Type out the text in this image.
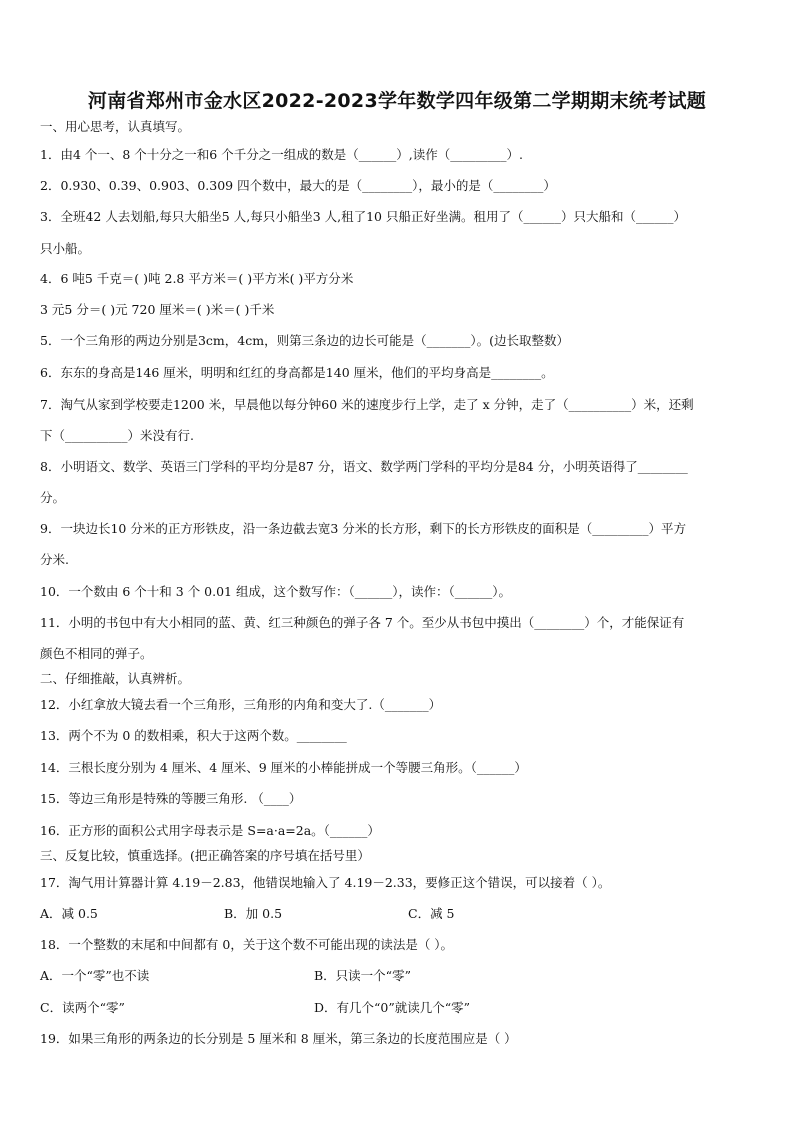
河南省郑州市金水区2022-2023学年数学四年级第二学期期末统考试题

一、用心思考，认真填写。

1．由4 个一、8 个十分之一和6 个千分之一组成的数是（______）,读作（_________）.

2．0.930、0.39、0.903、0.309 四个数中，最大的是（________），最小的是（________）

3．全班42 人去划船,每只大船坐5 人,每只小船坐3 人,租了10 只船正好坐满。租用了（______）只大船和（______）

只小船。

4．6 吨5 千克＝( )吨 2.8 平方米＝( )平方米( )平方分米

3 元5 分＝( )元 720 厘米＝( )米＝( )千米

5．一个三角形的两边分别是3cm，4cm，则第三条边的边长可能是（_______）。(边长取整数）

6．东东的身高是146 厘米，明明和红红的身高都是140 厘米，他们的平均身高是________。

7．淘气从家到学校要走1200 米，早晨他以每分钟60 米的速度步行上学，走了 x 分钟，走了（__________）米，还剩

下（__________）米没有行.

8．小明语文、数学、英语三门学科的平均分是87 分，语文、数学两门学科的平均分是84 分，小明英语得了________

分。

9．一块边长10 分米的正方形铁皮，沿一条边截去宽3 分米的长方形，剩下的长方形铁皮的面积是（_________）平方

分米.

10．一个数由 6 个十和 3 个 0.01 组成，这个数写作：（______），读作：（______）。

11．小明的书包中有大小相同的蓝、黄、红三种颜色的弹子各 7 个。至少从书包中摸出（________）个，才能保证有

颜色不相同的弹子。

二、仔细推敲，认真辨析。

12．小红拿放大镜去看一个三角形，三角形的内角和变大了.（_______）

13．两个不为 0 的数相乘，积大于这两个数。________

14．三根长度分别为 4 厘米、4 厘米、9 厘米的小棒能拼成一个等腰三角形。（______）

15．等边三角形是特殊的等腰三角形. （____）

16．正方形的面积公式用字母表示是 S=a·a=2a。（______）

三、反复比较，慎重选择。(把正确答案的序号填在括号里）

17．淘气用计算器计算 4.19－2.83，他错误地输入了 4.19－2.33，要修正这个错误，可以接着（ ）。

A．减 0.5	B．加 0.5	C．减 5

18．一个整数的末尾和中间都有 0，关于这个数不可能出现的读法是（ ）。

A．一个“零”也不读	B．只读一个“零”

C．读两个“零”	D．有几个“0”就读几个“零”

19．如果三角形的两条边的长分别是 5 厘米和 8 厘米，第三条边的长度范围应是（ ）
